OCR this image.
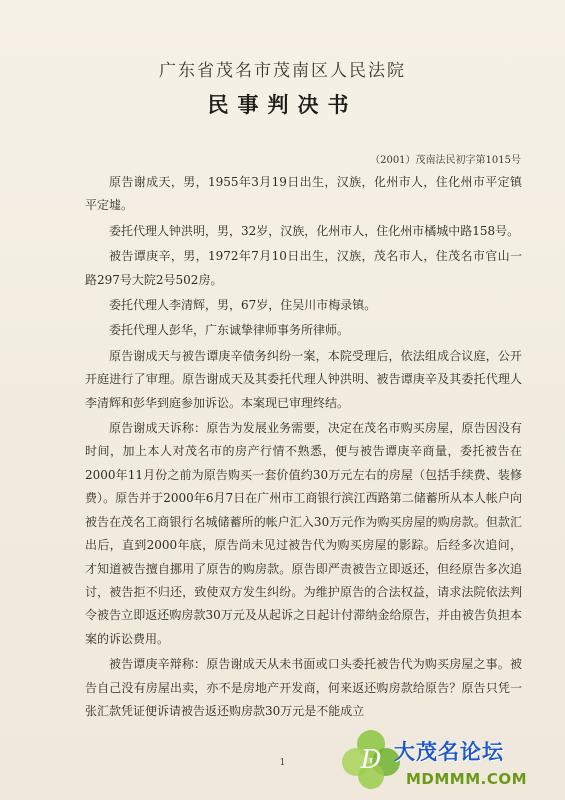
广东省茂名市茂南区人民法院
民事判决书
（2001）茂南法民初字第1015号

原告谢成天，男，1955年3月19日出生，汉族，化州市人，住化州市平定镇平定墟。

委托代理人钟洪明，男，32岁，汉族，化州市人，住化州市橘城中路158号。

被告谭庚辛，男，1972年7月10日出生，汉族，茂名市人，住茂名市官山一路297号大院2号502房。

委托代理人李清辉，男，67岁，住吴川市梅录镇。

委托代理人彭华，广东诚挚律师事务所律师。

原告谢成天与被告谭庚辛债务纠纷一案，本院受理后，依法组成合议庭，公开开庭进行了审理。原告谢成天及其委托代理人钟洪明、被告谭庚辛及其委托代理人李清辉和彭华到庭参加诉讼。本案现已审理终结。

原告谢成天诉称：原告为发展业务需要，决定在茂名市购买房屋，原告因没有时间，加上本人对茂名市的房产行情不熟悉，便与被告谭庚辛商量，委托被告在2000年11月份之前为原告购买一套价值约30万元左右的房屋（包括手续费、装修费）。原告并于2000年6月7日在广州市工商银行滨江西路第二储蓄所从本人帐户向被告在茂名工商银行名城储蓄所的帐户汇入30万元作为购买房屋的购房款。但款汇出后，直到2000年底，原告尚未见过被告代为购买房屋的影踪。后经多次追问，才知道被告擅自挪用了原告的购房款。原告即严责被告立即返还，但经原告多次追讨，被告拒不归还，致使双方发生纠纷。为维护原告的合法权益，请求法院依法判令被告立即返还购房款30万元及从起诉之日起计付滞纳金给原告，并由被告负担本案的诉讼费用。

被告谭庚辛辩称：原告谢成天从未书面或口头委托被告代为购买房屋之事。被告自己没有房屋出卖，亦不是房地产开发商，何来返还购房款给原告？原告只凭一张汇款凭证便诉请被告返还购房款30万元是不能成立

1	D 大茂名论坛
MDMMM.COM
